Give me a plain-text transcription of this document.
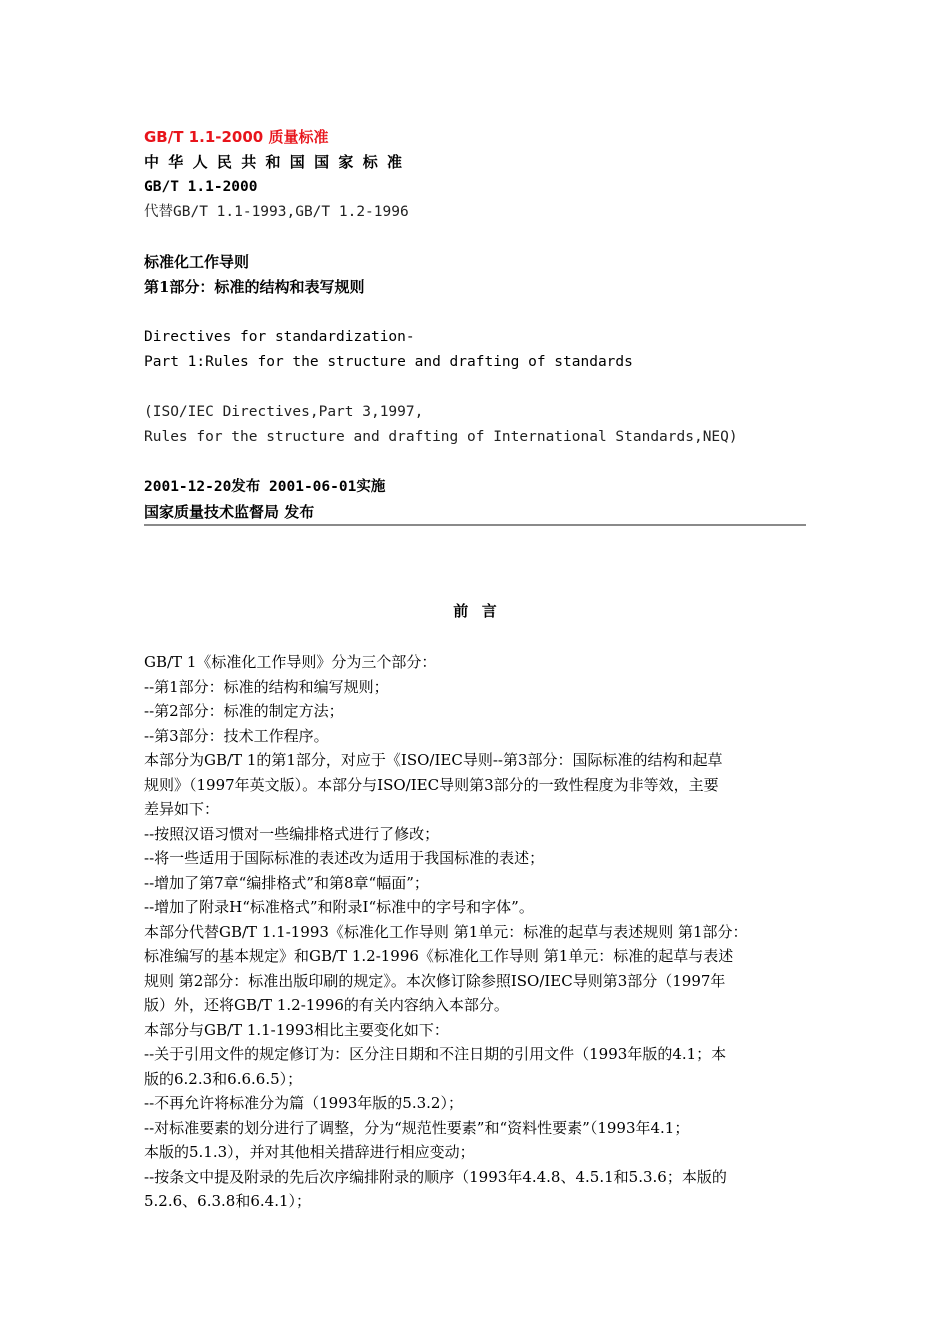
GB/T 1.1-2000 质量标准
中华人民共和国国家标准
GB/T 1.1-2000
代替GB/T 1.1-1993,GB/T 1.2-1996
标准化工作导则
第1部分：标准的结构和表写规则
Directives for standardization-
Part 1:Rules for the structure and drafting of standards
(ISO/IEC Directives,Part 3,1997,
Rules for the structure and drafting of International Standards,NEQ)
2001-12-20发布 2001-06-01实施
国家质量技术监督局 发布
前言
GB/T 1《标准化工作导则》分为三个部分：
--第1部分：标准的结构和编写规则；
--第2部分：标准的制定方法；
--第3部分：技术工作程序。
本部分为GB/T 1的第1部分，对应于《ISO/IEC导则--第3部分：国际标准的结构和起草
规则》（1997年英文版）。本部分与ISO/IEC导则第3部分的一致性程度为非等效，主要
差异如下：
--按照汉语习惯对一些编排格式进行了修改；
--将一些适用于国际标准的表述改为适用于我国标准的表述；
--增加了第7章“编排格式”和第8章“幅面”；
--增加了附录H“标准格式”和附录I“标准中的字号和字体”。
本部分代替GB/T 1.1-1993《标准化工作导则 第1单元：标准的起草与表述规则 第1部分：
标准编写的基本规定》和GB/T 1.2-1996《标准化工作导则 第1单元：标准的起草与表述
规则 第2部分：标准出版印刷的规定》。本次修订除参照ISO/IEC导则第3部分（1997年
版）外，还将GB/T 1.2-1996的有关内容纳入本部分。
本部分与GB/T 1.1-1993相比主要变化如下：
--关于引用文件的规定修订为：区分注日期和不注日期的引用文件（1993年版的4.1；本
版的6.2.3和6.6.6.5）；
--不再允许将标准分为篇（1993年版的5.3.2）；
--对标准要素的划分进行了调整，分为“规范性要素”和“资料性要素”（1993年4.1；
本版的5.1.3），并对其他相关措辞进行相应变动；
--按条文中提及附录的先后次序编排附录的顺序（1993年4.4.8、4.5.1和5.3.6；本版的
5.2.6、6.3.8和6.4.1）；
